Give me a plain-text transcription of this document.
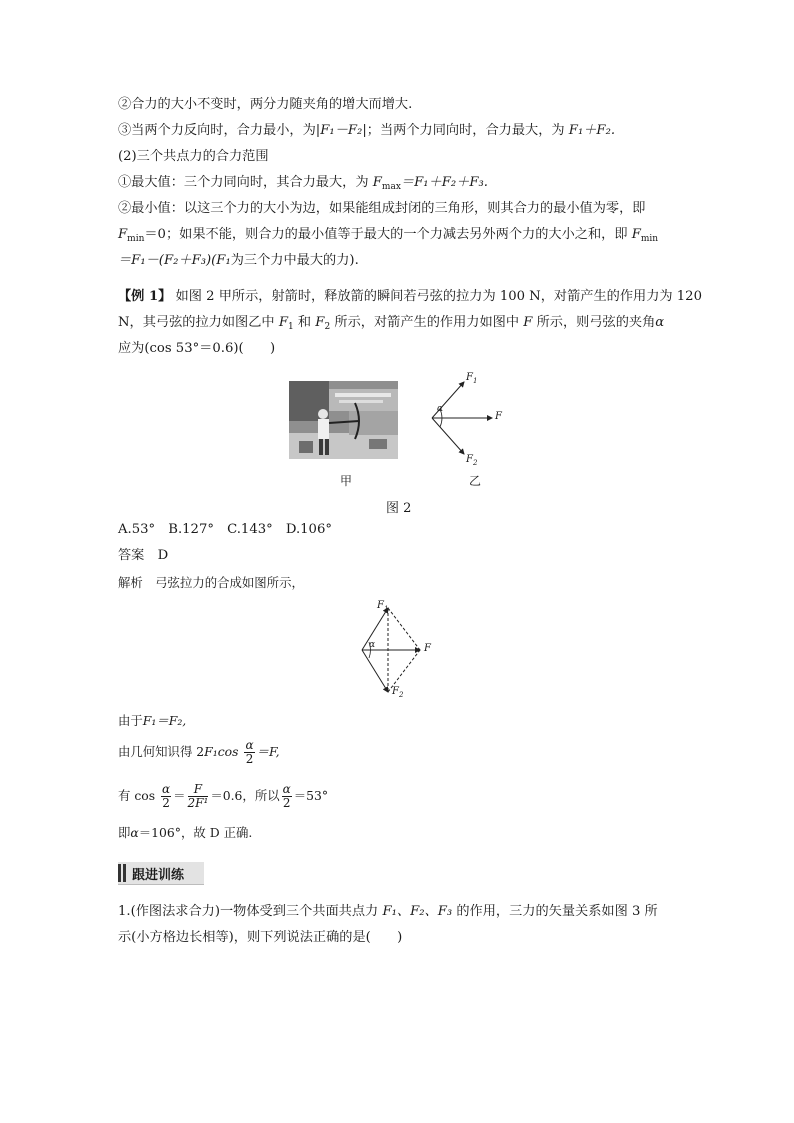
②合力的大小不变时，两分力随夹角的增大而增大.
③当两个力反向时，合力最小，为|F₁－F₂|；当两个力同向时，合力最大，为 F₁＋F₂.
(2)三个共点力的合力范围
①最大值：三个力同向时，其合力最大，为 $F_{max}=F_1+F_2+F_3$.
②最小值：以这三个力的大小为边，如果能组成封闭的三角形，则其合力的最小值为零，即
$F_{min}=0$；如果不能，则合力的最小值等于最大的一个力减去另外两个力的大小之和，即 $F_{min}$
＝F₁－(F₂＋F₃)(F₁为三个力中最大的力).
【例 1】 如图 2 甲所示，射箭时，释放箭的瞬间若弓弦的拉力为 100 N，对箭产生的作用力为 120
N，其弓弦的拉力如图乙中 $F_1$ 和 $F_2$ 所示，对箭产生的作用力如图中 F 所示，则弓弦的夹角α
应为(cos 53°＝0.6)(　　)
$F_1$
$F_2$
F
α
甲	乙
图 2
A.53°　B.127°　C.143°　D.106°
答案　 D
解析　 弓弦拉力的合成如图所示，
$F_1$
$F_2$
F
α
由于F₁＝F₂,
由几何知识得 $2F_1\cos \frac{\alpha}{2} =F$,
有 $\cos \frac{\alpha}{2} = \frac{F}{\text{2F¹}} =0.6$，所以 $\frac{\alpha}{2} =53^\circ$
即α＝106°，故 D 正确.
跟进训练
1.(作图法求合力)一物体受到三个共面共点力 F₁、F₂、F₃ 的作用，三力的矢量关系如图 3 所
示(小方格边长相等)，则下列说法正确的是(　　)
